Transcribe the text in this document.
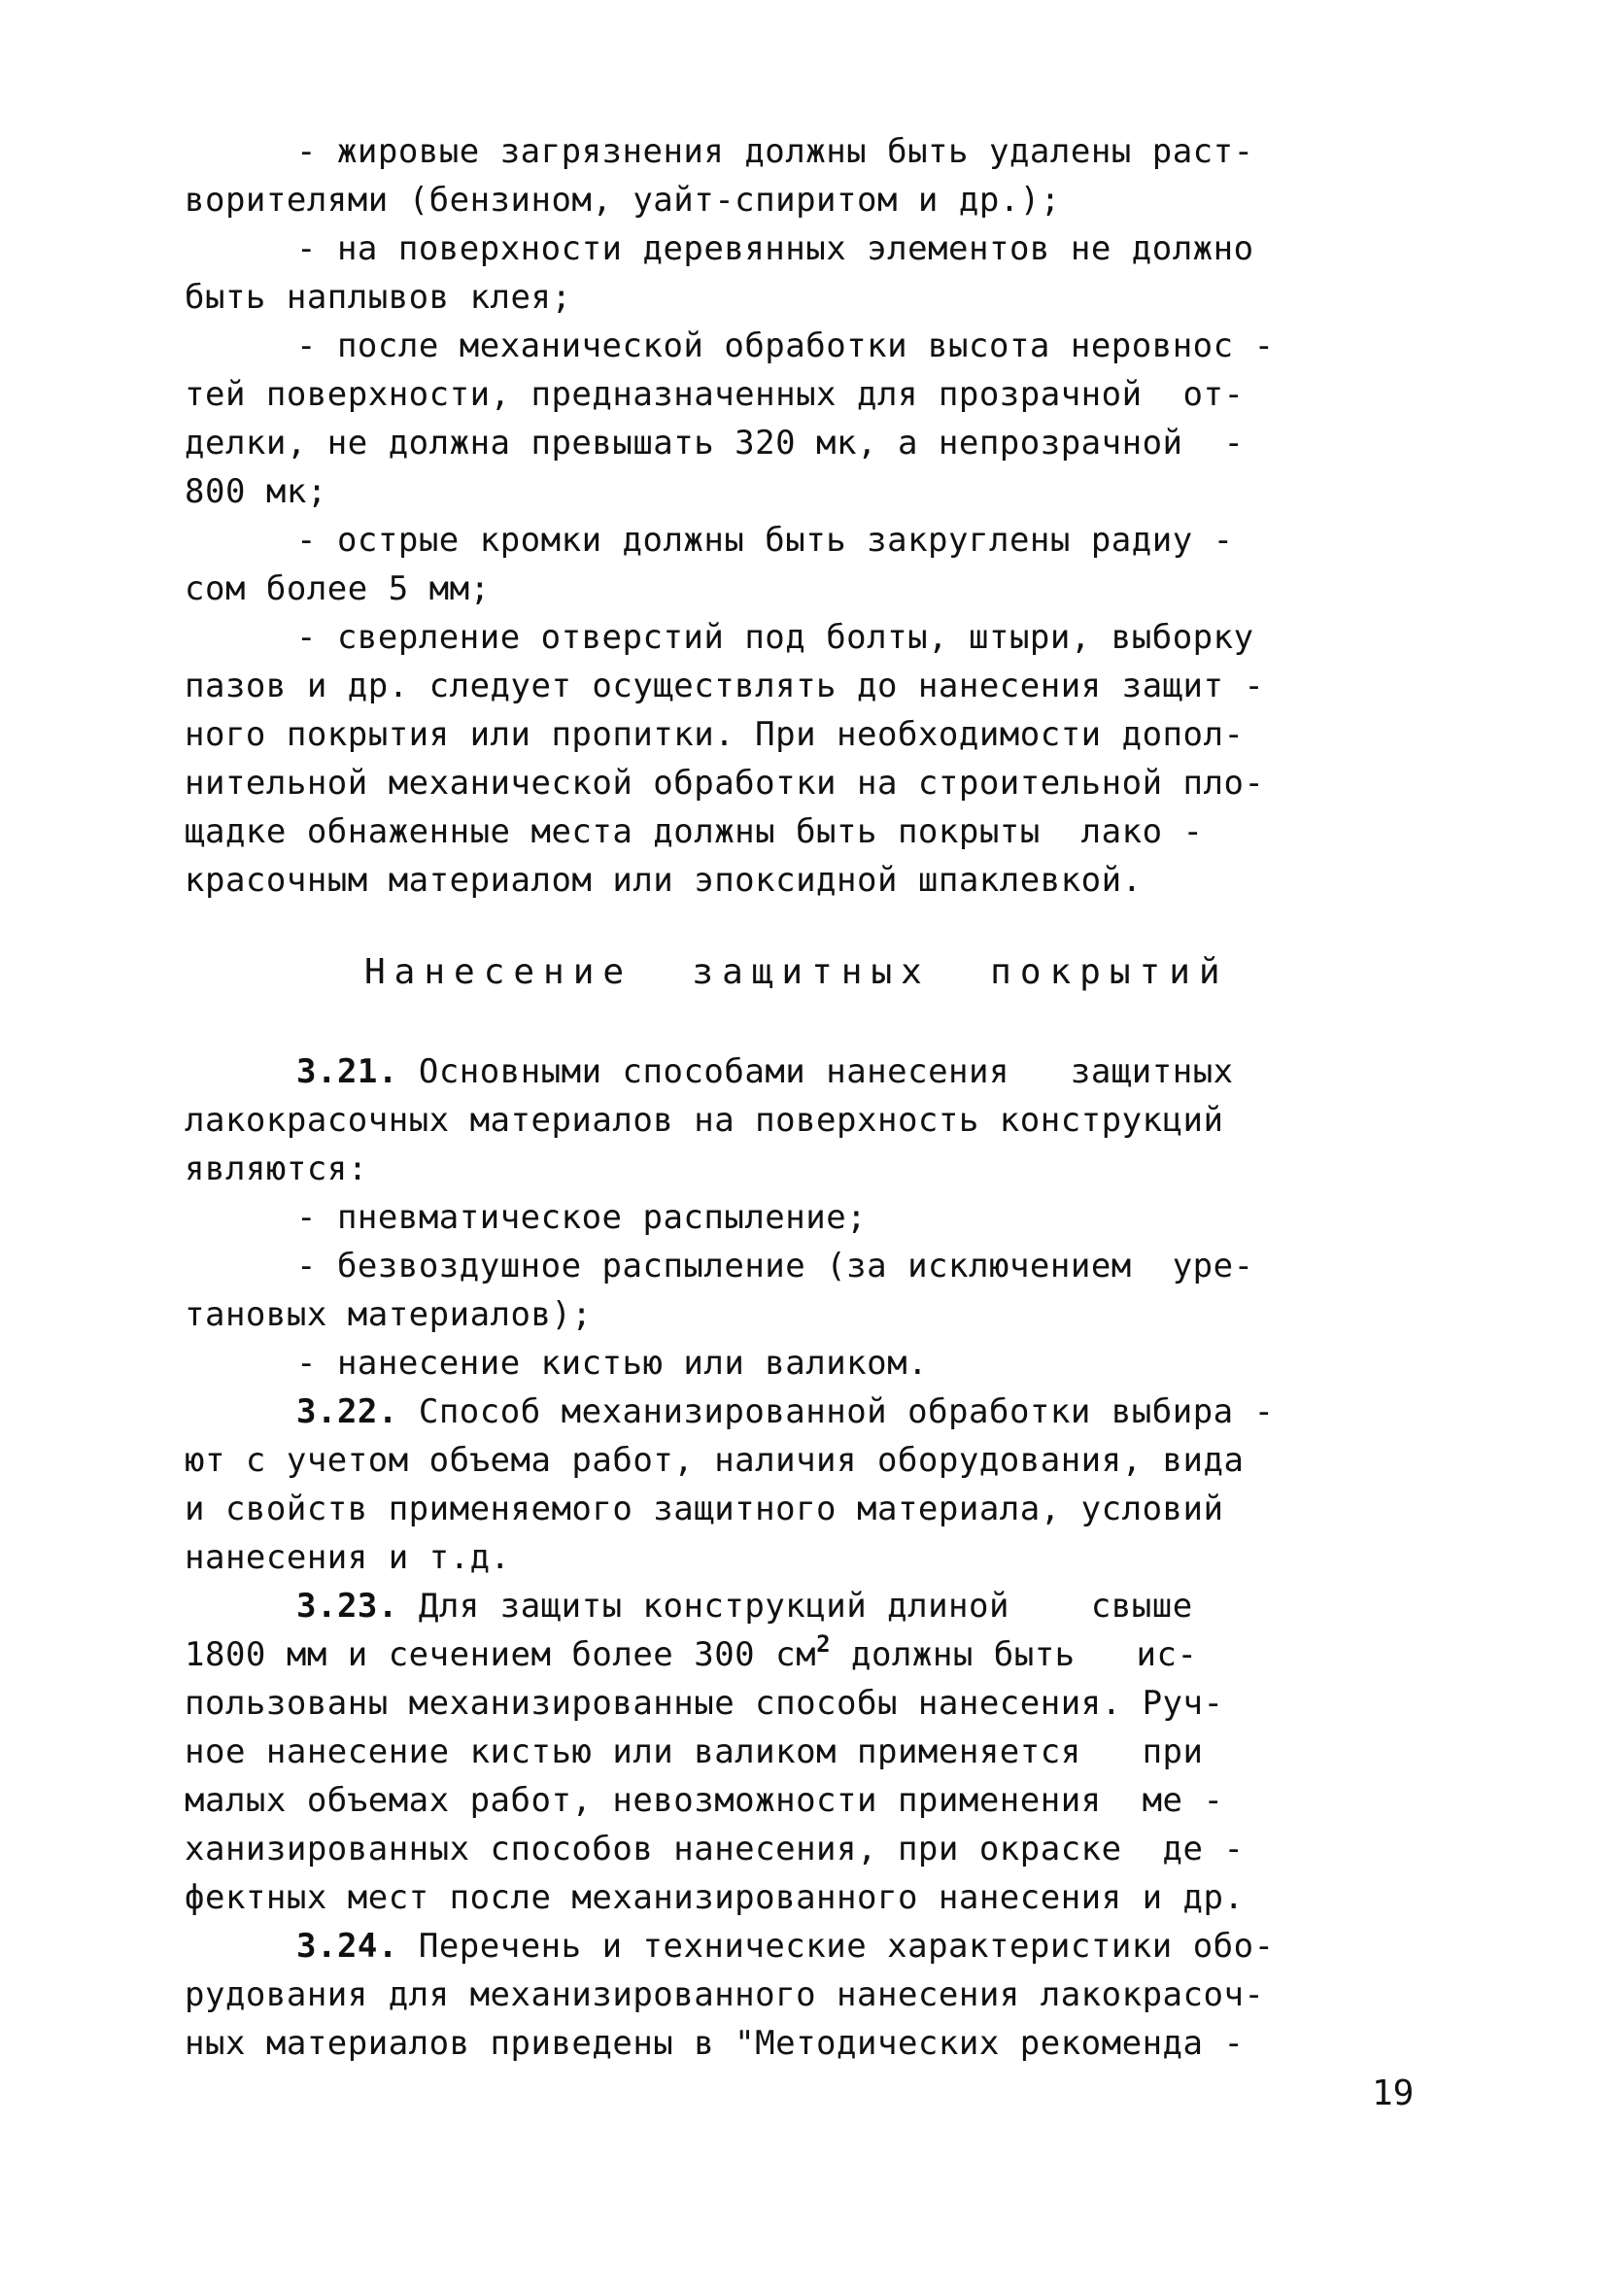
- жировые загрязнения должны быть удалены раст-
ворителями (бензином, уайт-спиритом и др.);
- на поверхности деревянных элементов не должно
быть наплывов клея;
- после механической обработки высота неровнос -
тей поверхности, предназначенных для прозрачной  от-
делки, не должна превышать 320 мк, а непрозрачной  -
800 мк;
- острые кромки должны быть закруглены радиу -
сом более 5 мм;
- сверление отверстий под болты, штыри, выборку
пазов и др. следует осуществлять до нанесения защит -
ного покрытия или пропитки. При необходимости допол-
нительной механической обработки на строительной пло-
щадке обнаженные места должны быть покрыты  лако -
красочным материалом или эпоксидной шпаклевкой.
Нанесение  защитных  покрытий
3.21. Основными способами нанесения   защитных
лакокрасочных материалов на поверхность конструкций
являются:
- пневматическое распыление;
- безвоздушное распыление (за исключением  уре-
тановых материалов);
- нанесение кистью или валиком.
3.22. Способ механизированной обработки выбира -
ют с учетом объема работ, наличия оборудования, вида
и свойств применяемого защитного материала, условий
нанесения и т.д.
3.23. Для защиты конструкций длиной    свыше
1800 мм и сечением более 300 $см^2$ должны быть   ис-
пользованы механизированные способы нанесения. Руч-
ное нанесение кистью или валиком применяется   при
малых объемах работ, невозможности применения  ме -
ханизированных способов нанесения, при окраске  де -
фектных мест после механизированного нанесения и др.
3.24. Перечень и технические характеристики обо-
рудования для механизированного нанесения лакокрасоч-
ных материалов приведены в "Методических рекоменда -
19
